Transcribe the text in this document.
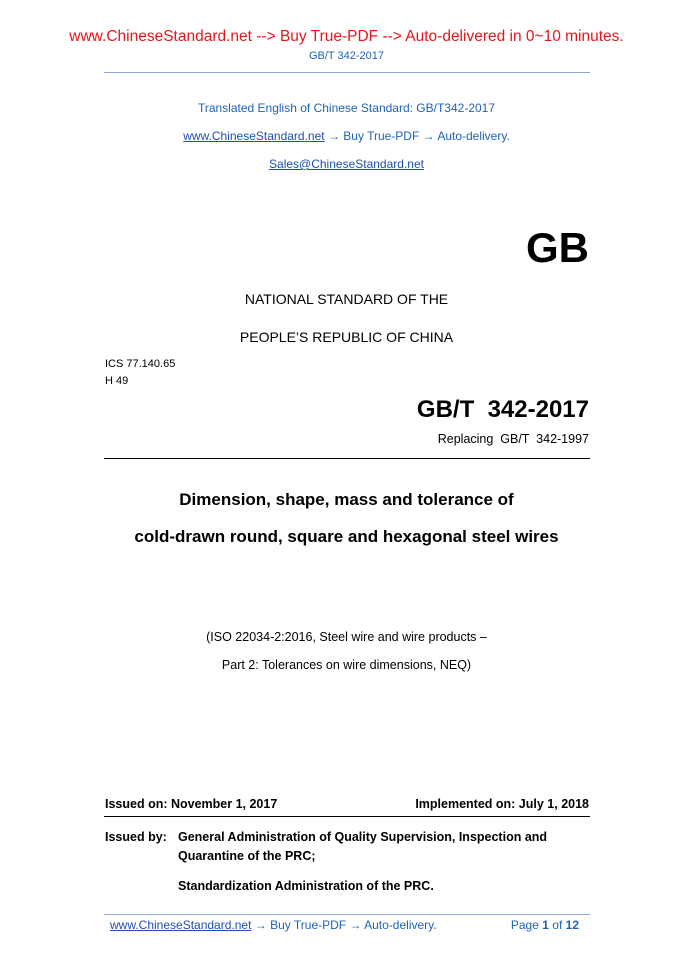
www.ChineseStandard.net --> Buy True-PDF --> Auto-delivered in 0~10 minutes.
GB/T 342-2017
Translated English of Chinese Standard: GB/T342-2017
www.ChineseStandard.net → Buy True-PDF → Auto-delivery.
Sales@ChineseStandard.net
GB
NATIONAL STANDARD OF THE
PEOPLE’S REPUBLIC OF CHINA
ICS 77.140.65
H 49
GB/T  342-2017
Replacing  GB/T  342-1997
Dimension, shape, mass and tolerance of
cold-drawn round, square and hexagonal steel wires
(ISO 22034-2:2016, Steel wire and wire products –
Part 2: Tolerances on wire dimensions, NEQ)
Issued on: November 1, 2017	Implemented on: July 1, 2018
Issued by: General Administration of Quality Supervision, Inspection and
Quarantine of the PRC;
Standardization Administration of the PRC.
www.ChineseStandard.net → Buy True-PDF → Auto-delivery.	Page 1 of 12
